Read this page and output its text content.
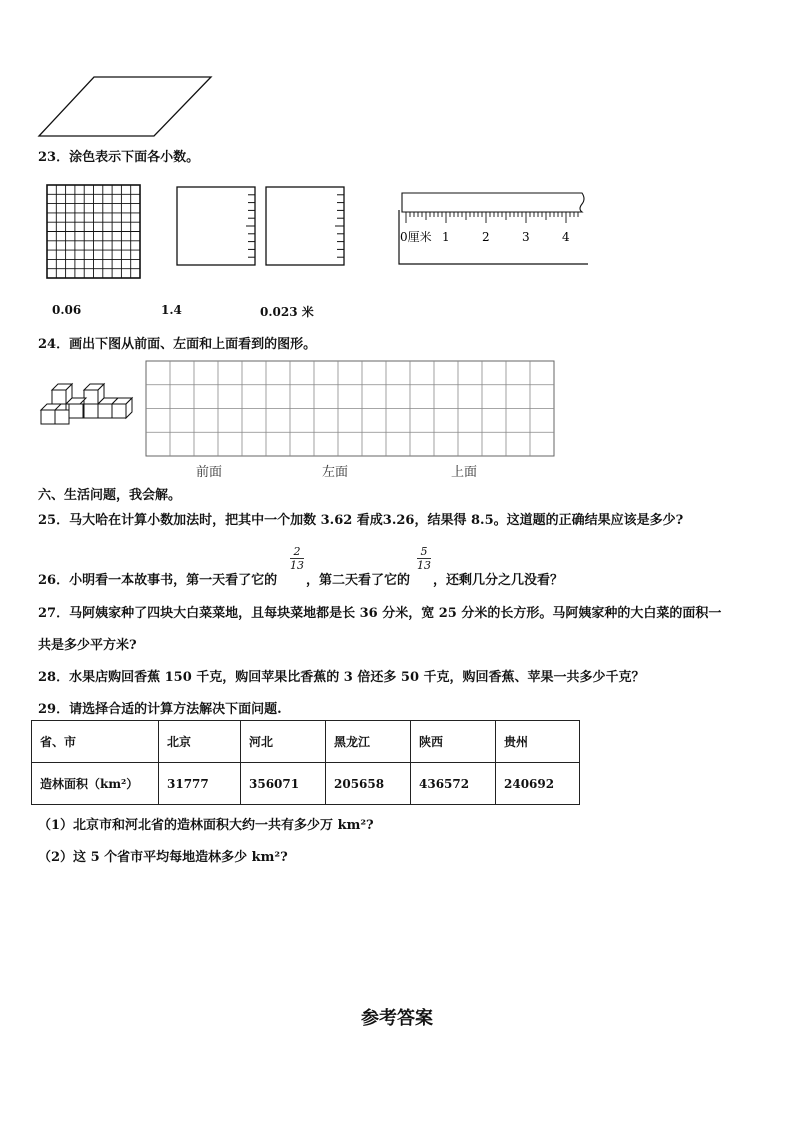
23．涂色表示下面各小数。
0厘米 1	2	3	4
0.06	1.4	0.023 米
24．画出下图从前面、左面和上面看到的图形。
前面	左面	上面
六、生活问题，我会解。
25．马大哈在计算小数加法时，把其中一个加数 3.62 看成3.26，结果得 8.5。这道题的正确结果应该是多少?
26．小明看一本故事书，第一天看了它的
$\frac{2}{13}$
，第二天看了它的
$\frac{5}{13}$
，还剩几分之几没看？
27．马阿姨家种了四块大白菜菜地，且每块菜地都是长 36 分米，宽 25 分米的长方形。马阿姨家种的大白菜的面积一
共是多少平方米?
28．水果店购回香蕉 150 千克，购回苹果比香蕉的 3 倍还多 50 千克，购回香蕉、苹果一共多少千克？
29．请选择合适的计算方法解决下面问题.
省、市	北京	河北	黑龙江	陕西	贵州
造林面积（km²）	31777	356071	205658	436572	240692
（1）北京市和河北省的造林面积大约一共有多少万 km²?
（2）这 5 个省市平均每地造林多少 km²?
参考答案
